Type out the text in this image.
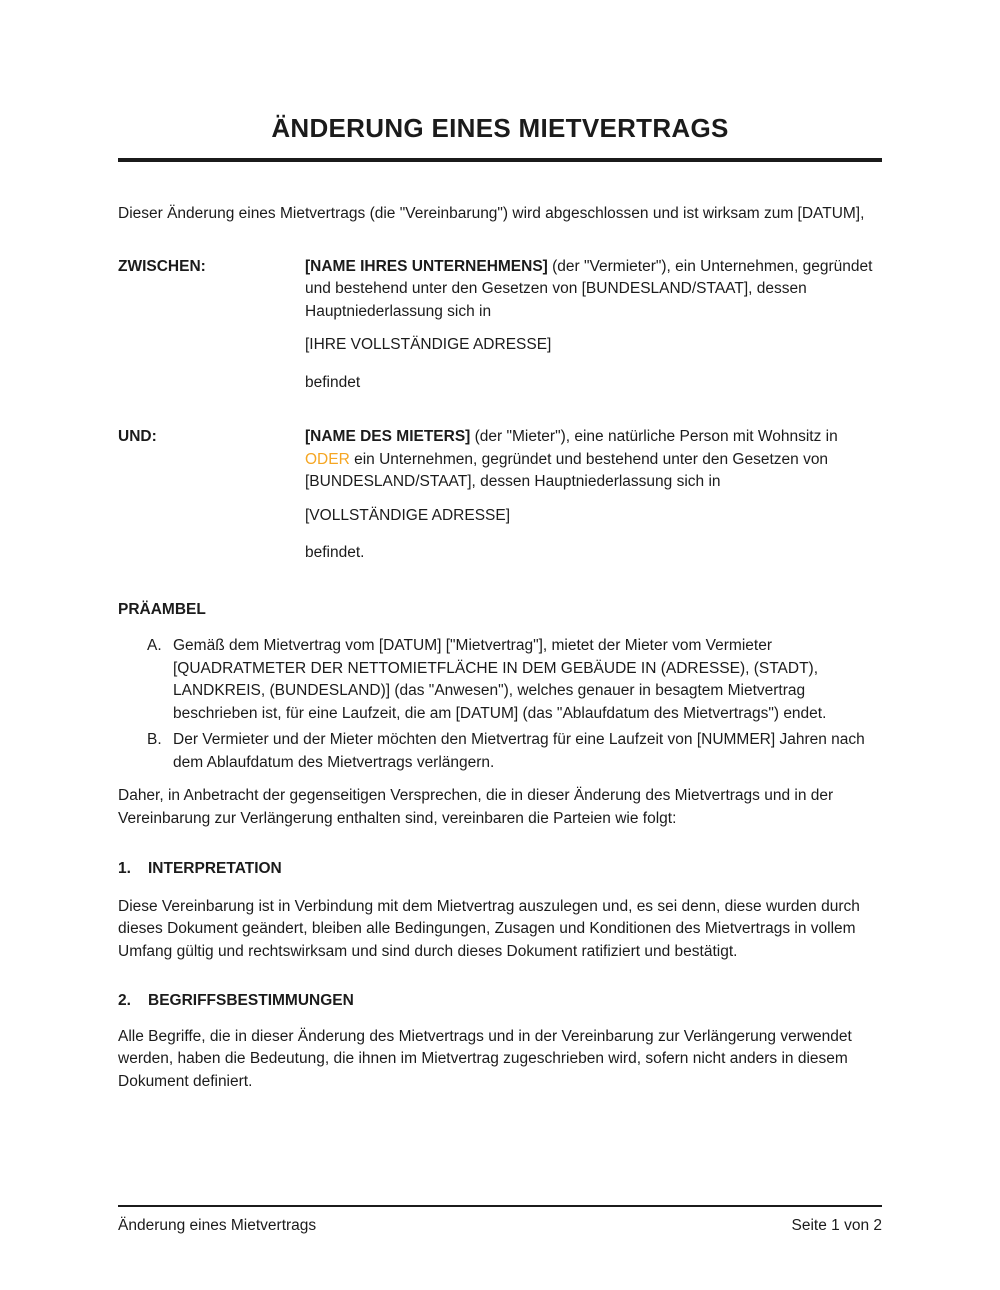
ÄNDERUNG EINES MIETVERTRAGS

Dieser Änderung eines Mietvertrags (die "Vereinbarung") wird abgeschlossen und ist wirksam zum [DATUM],

ZWISCHEN:	[NAME IHRES UNTERNEHMENS] (der "Vermieter"), ein Unternehmen, gegründet und bestehend unter den Gesetzen von [BUNDESLAND/STAAT], dessen Hauptniederlassung sich in

[IHRE VOLLSTÄNDIGE ADRESSE]

befindet

UND:	[NAME DES MIETERS] (der "Mieter"), eine natürliche Person mit Wohnsitz in ODER ein Unternehmen, gegründet und bestehend unter den Gesetzen von [BUNDESLAND/STAAT], dessen Hauptniederlassung sich in

[VOLLSTÄNDIGE ADRESSE]

befindet.

PRÄAMBEL
A. Gemäß dem Mietvertrag vom [DATUM] ["Mietvertrag"], mietet der Mieter vom Vermieter [QUADRATMETER DER NETTOMIETFLÄCHE IN DEM GEBÄUDE IN (ADRESSE), (STADT), LANDKREIS, (BUNDESLAND)] (das "Anwesen"), welches genauer in besagtem Mietvertrag beschrieben ist, für eine Laufzeit, die am [DATUM] (das "Ablaufdatum des Mietvertrags") endet.
B. Der Vermieter und der Mieter möchten den Mietvertrag für eine Laufzeit von [NUMMER] Jahren nach dem Ablaufdatum des Mietvertrags verlängern.

Daher, in Anbetracht der gegenseitigen Versprechen, die in dieser Änderung des Mietvertrags und in der Vereinbarung zur Verlängerung enthalten sind, vereinbaren die Parteien wie folgt:

1.	INTERPRETATION

Diese Vereinbarung ist in Verbindung mit dem Mietvertrag auszulegen und, es sei denn, diese wurden durch dieses Dokument geändert, bleiben alle Bedingungen, Zusagen und Konditionen des Mietvertrags in vollem Umfang gültig und rechtswirksam und sind durch dieses Dokument ratifiziert und bestätigt.

2.	BEGRIFFSBESTIMMUNGEN

Alle Begriffe, die in dieser Änderung des Mietvertrags und in der Vereinbarung zur Verlängerung verwendet werden, haben die Bedeutung, die ihnen im Mietvertrag zugeschrieben wird, sofern nicht anders in diesem Dokument definiert.

Änderung eines Mietvertrags	Seite 1 von 2
